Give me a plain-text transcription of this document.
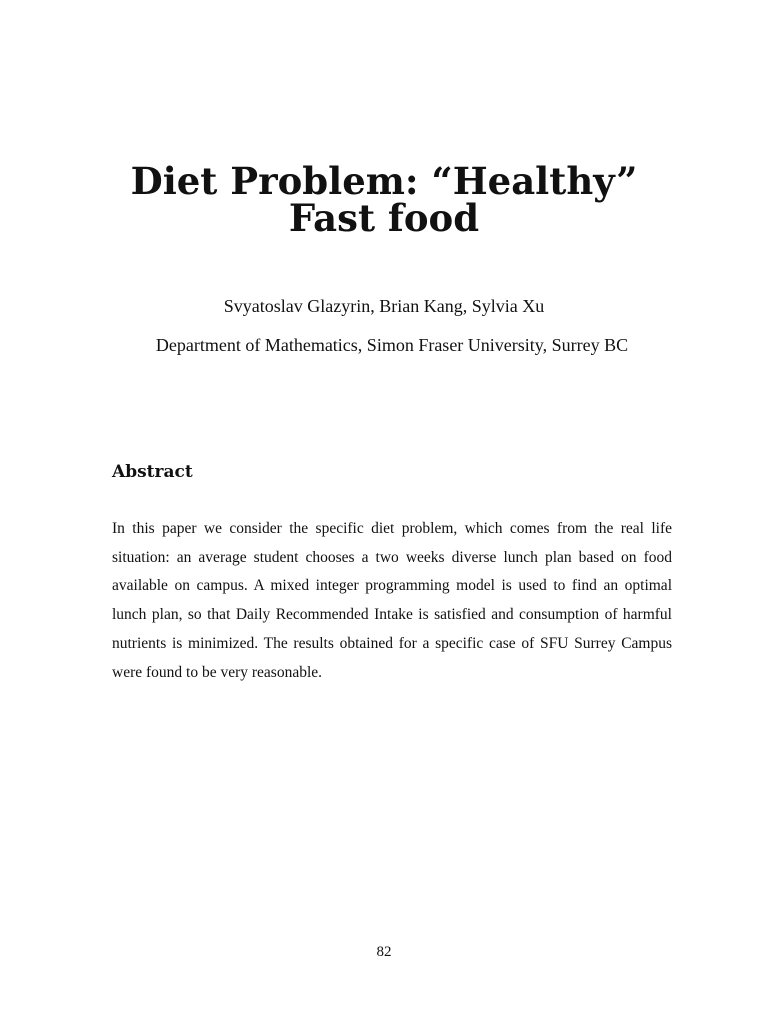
Diet Problem: “Healthy”
Fast food

Svyatoslav Glazyrin, Brian Kang, Sylvia Xu

Department of Mathematics, Simon Fraser University, Surrey BC

Abstract

In this paper we consider the specific diet problem, which comes from the real life situation: an average student chooses a two weeks diverse lunch plan based on food available on campus. A mixed integer programming model is used to find an optimal lunch plan, so that Daily Recommended Intake is satisfied and consumption of harmful nutrients is minimized. The results obtained for a specific case of SFU Surrey Campus were found to be very reasonable.

82
